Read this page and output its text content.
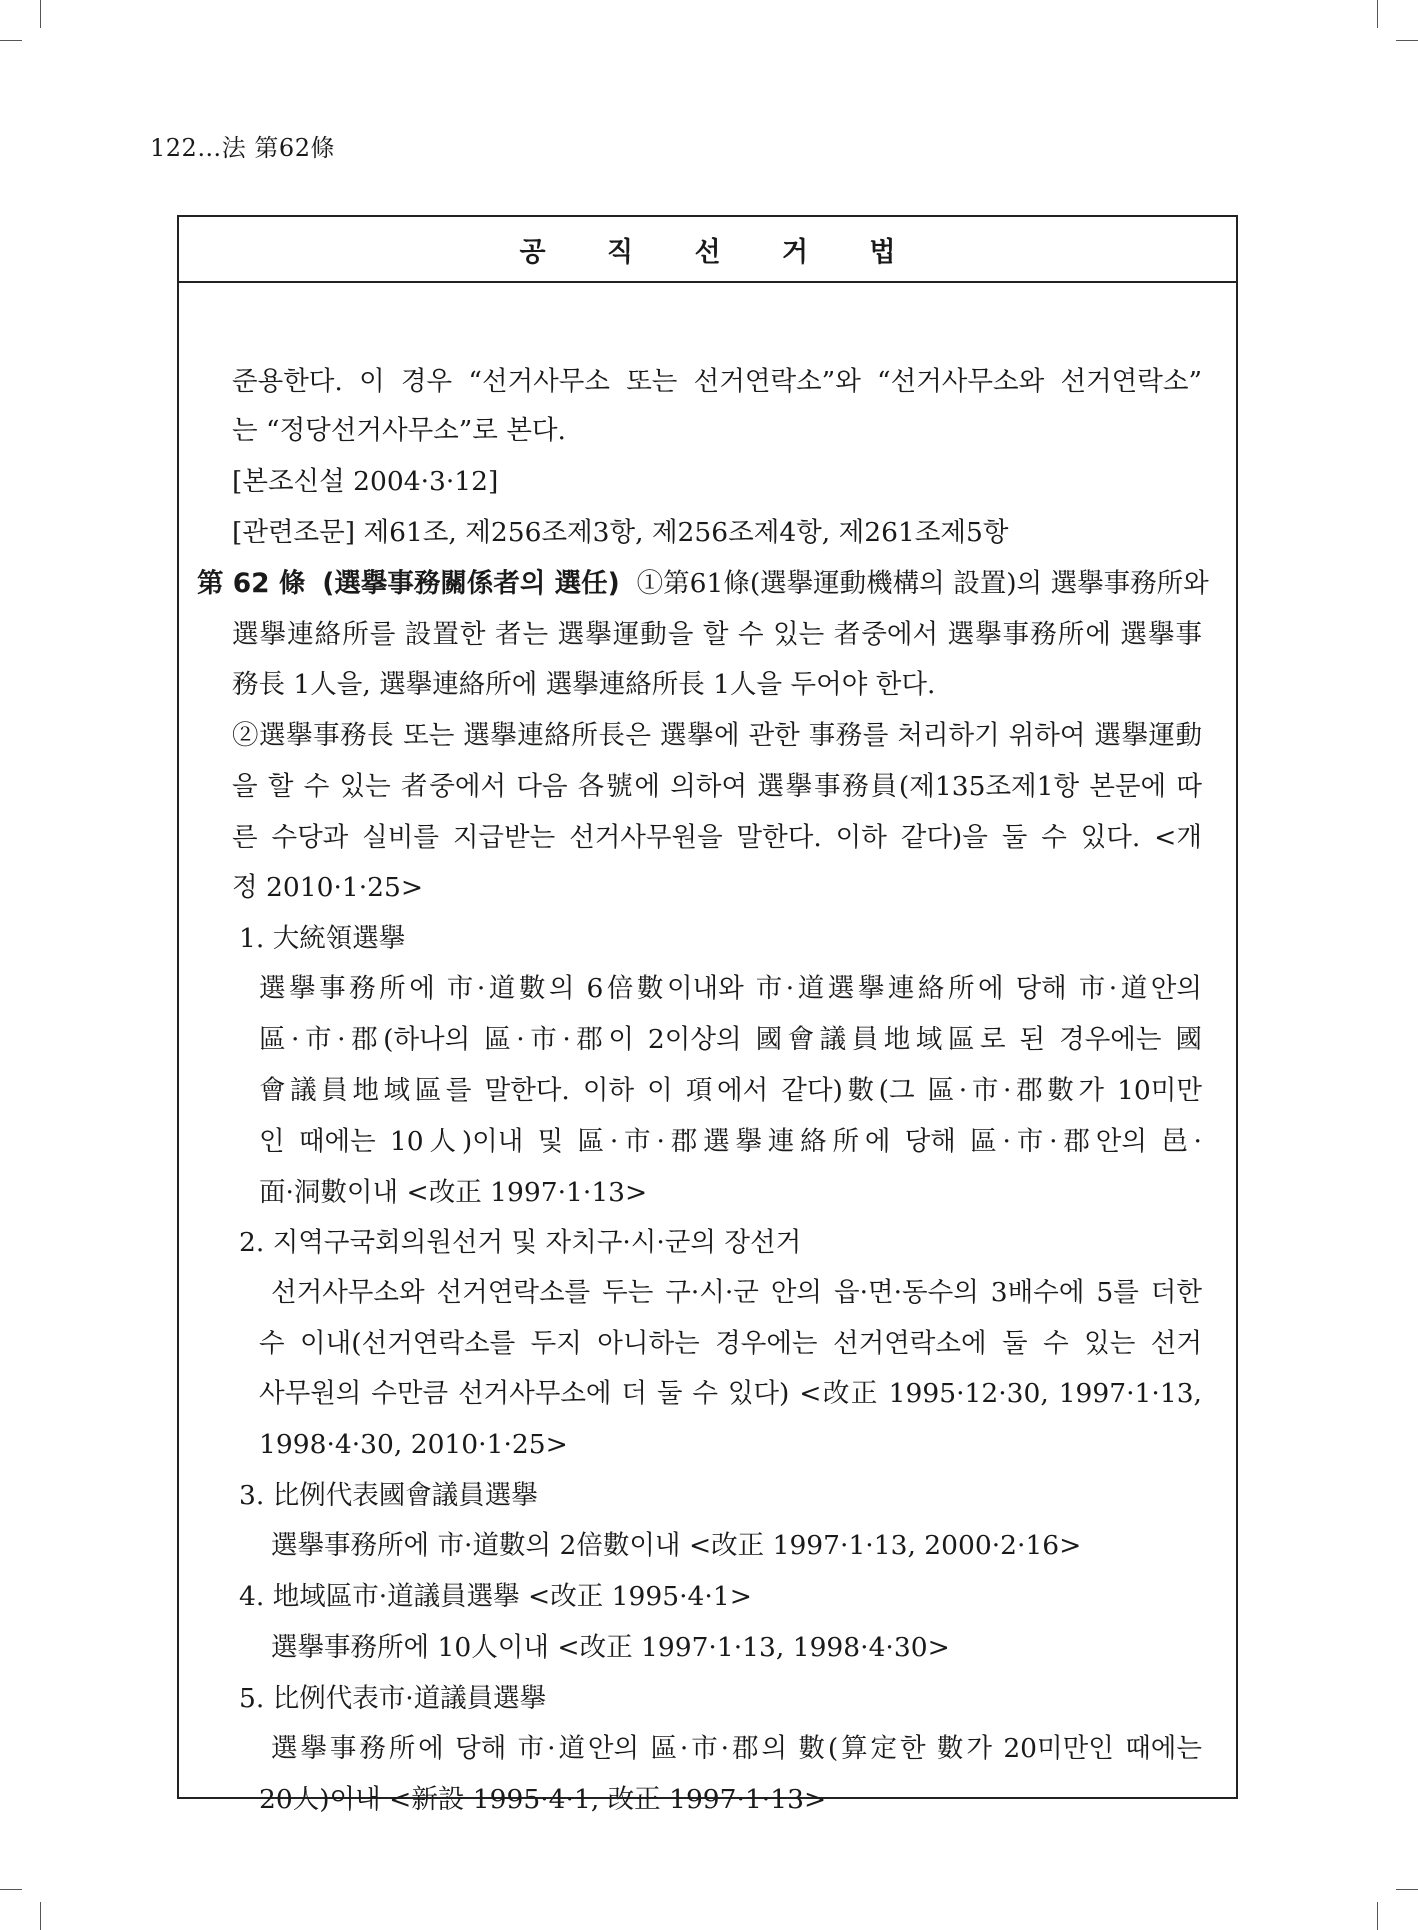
122…法 第62條
공 직 선 거 법
준용한다. 이 경우 “선거사무소 또는 선거연락소”와 “선거사무소와 선거연락소”
는 “정당선거사무소”로 본다.
[본조신설 2004·3·12]
[관련조문] 제61조, 제256조제3항, 제256조제4항, 제261조제5항
第 62 條 (選擧事務關係者의 選任) ①第61條(選擧運動機構의 設置)의 選擧事務所와
選擧連絡所를 設置한 者는 選擧運動을 할 수 있는 者중에서 選擧事務所에 選擧事
務長 1人을, 選擧連絡所에 選擧連絡所長 1人을 두어야 한다.
②選擧事務長 또는 選擧連絡所長은 選擧에 관한 事務를 처리하기 위하여 選擧運動
을 할 수 있는 者중에서 다음 各號에 의하여 選擧事務員(제135조제1항 본문에 따
른 수당과 실비를 지급받는 선거사무원을 말한다. 이하 같다)을 둘 수 있다. <개
정 2010·1·25>
1. 大統領選擧
選擧事務所에 市·道數의 6倍數이내와 市·道選擧連絡所에 당해 市·道안의
區·市·郡(하나의 區·市·郡이 2이상의 國會議員地域區로 된 경우에는 國
會議員地域區를 말한다. 이하 이 項에서 같다)數(그 區·市·郡數가 10미만
인 때에는 10人)이내 및 區·市·郡選擧連絡所에 당해 區·市·郡안의 邑·
面·洞數이내 <改正 1997·1·13>
2. 지역구국회의원선거 및 자치구·시·군의 장선거
선거사무소와 선거연락소를 두는 구·시·군 안의 읍·면·동수의 3배수에 5를 더한
수 이내(선거연락소를 두지 아니하는 경우에는 선거연락소에 둘 수 있는 선거
사무원의 수만큼 선거사무소에 더 둘 수 있다) <改正 1995·12·30, 1997·1·13,
1998·4·30, 2010·1·25>
3. 比例代表國會議員選擧
選擧事務所에 市·道數의 2倍數이내 <改正 1997·1·13, 2000·2·16>
4. 地域區市·道議員選擧 <改正 1995·4·1>
選擧事務所에 10人이내 <改正 1997·1·13, 1998·4·30>
5. 比例代表市·道議員選擧
選擧事務所에 당해 市·道안의 區·市·郡의 數(算定한 數가 20미만인 때에는
20人)이내 <新設 1995·4·1, 改正 1997·1·13>
